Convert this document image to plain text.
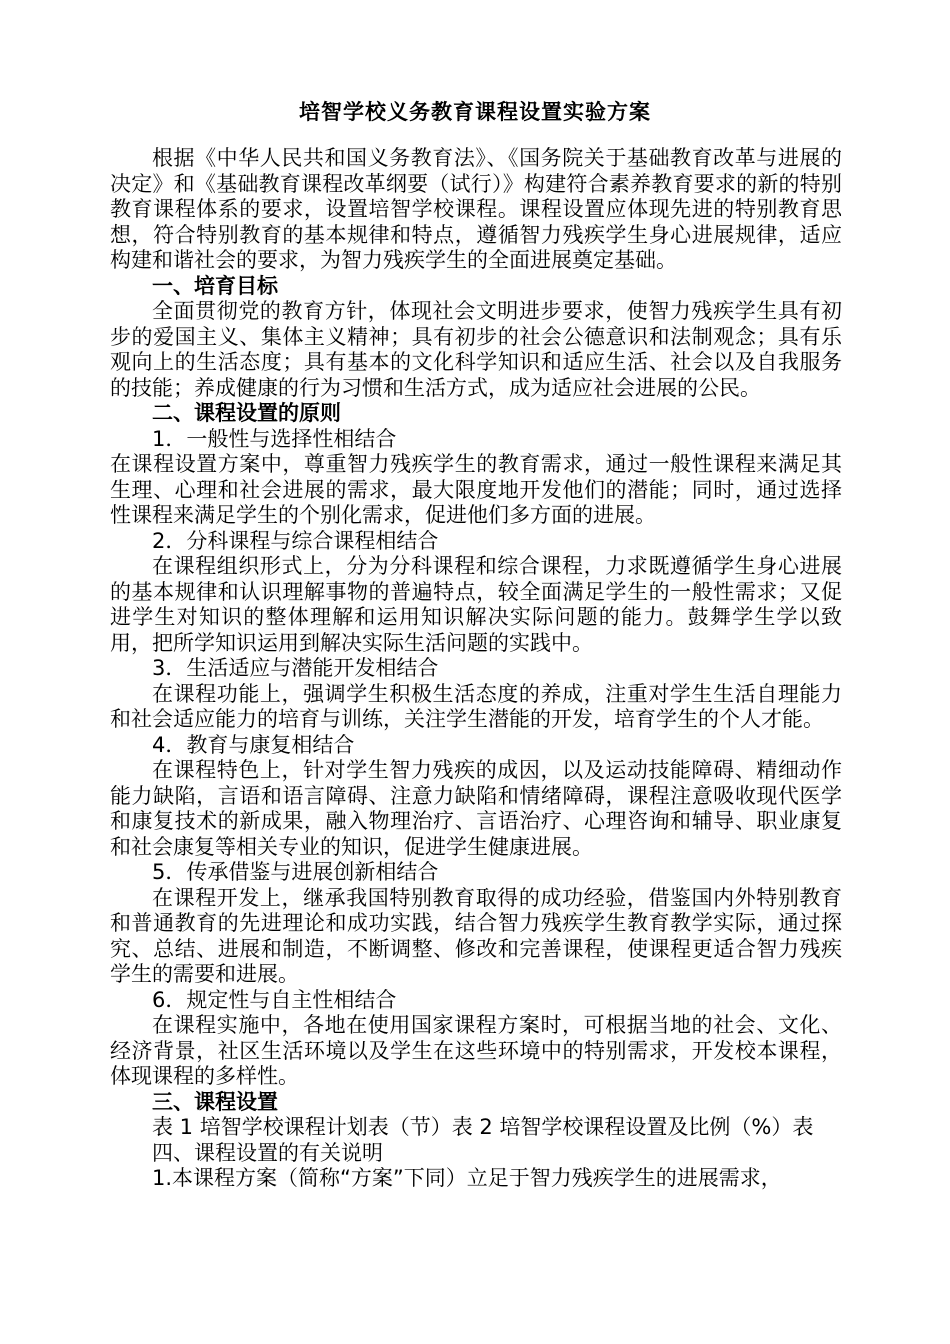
培智学校义务教育课程设置实验方案

根据《中华人民共和国义务教育法》、《国务院关于基础教育改革与进展的决定》和《基础教育课程改革纲要（试行）》构建符合素养教育要求的新的特别教育课程体系的要求，设置培智学校课程。课程设置应体现先进的特别教育思想，符合特别教育的基本规律和特点，遵循智力残疾学生身心进展规律，适应构建和谐社会的要求，为智力残疾学生的全面进展奠定基础。

一、培育目标

全面贯彻党的教育方针，体现社会文明进步要求，使智力残疾学生具有初步的爱国主义、集体主义精神；具有初步的社会公德意识和法制观念；具有乐观向上的生活态度；具有基本的文化科学知识和适应生活、社会以及自我服务的技能；养成健康的行为习惯和生活方式，成为适应社会进展的公民。

二、课程设置的原则

1．一般性与选择性相结合

在课程设置方案中，尊重智力残疾学生的教育需求，通过一般性课程来满足其生理、心理和社会进展的需求，最大限度地开发他们的潜能；同时，通过选择性课程来满足学生的个别化需求，促进他们多方面的进展。

2．分科课程与综合课程相结合

在课程组织形式上，分为分科课程和综合课程，力求既遵循学生身心进展的基本规律和认识理解事物的普遍特点，较全面满足学生的一般性需求；又促进学生对知识的整体理解和运用知识解决实际问题的能力。鼓舞学生学以致用，把所学知识运用到解决实际生活问题的实践中。

3．生活适应与潜能开发相结合

在课程功能上，强调学生积极生活态度的养成，注重对学生生活自理能力和社会适应能力的培育与训练，关注学生潜能的开发，培育学生的个人才能。

4．教育与康复相结合

在课程特色上，针对学生智力残疾的成因，以及运动技能障碍、精细动作能力缺陷，言语和语言障碍、注意力缺陷和情绪障碍，课程注意吸收现代医学和康复技术的新成果，融入物理治疗、言语治疗、心理咨询和辅导、职业康复和社会康复等相关专业的知识，促进学生健康进展。

5．传承借鉴与进展创新相结合

在课程开发上，继承我国特别教育取得的成功经验，借鉴国内外特别教育和普通教育的先进理论和成功实践，结合智力残疾学生教育教学实际，通过探究、总结、进展和制造，不断调整、修改和完善课程，使课程更适合智力残疾学生的需要和进展。

6．规定性与自主性相结合

在课程实施中，各地在使用国家课程方案时，可根据当地的社会、文化、经济背景，社区生活环境以及学生在这些环境中的特别需求，开发校本课程，体现课程的多样性。

三、课程设置

表 1 培智学校课程计划表（节）表 2 培智学校课程设置及比例（%）表

四、课程设置的有关说明

1.本课程方案（简称“方案”下同）立足于智力残疾学生的进展需求，
